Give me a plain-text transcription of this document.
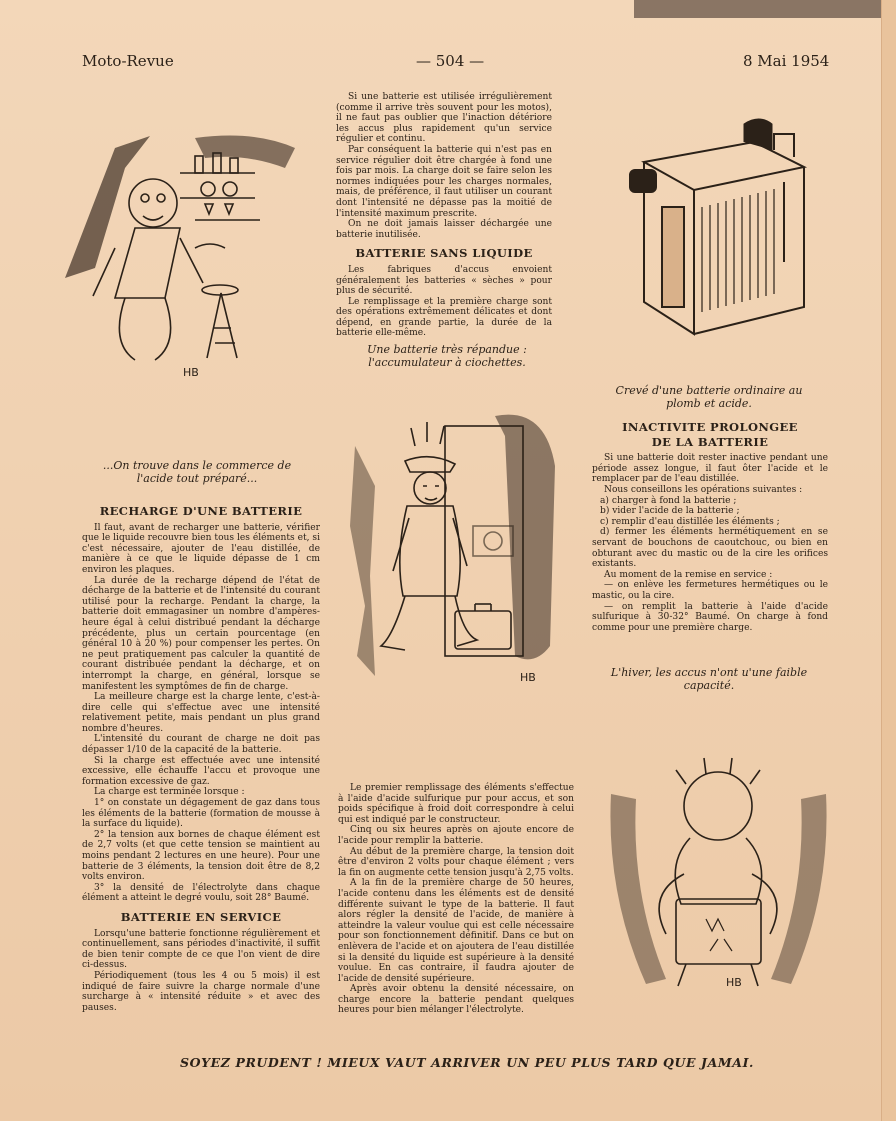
Moto-Revue	— 504 —	8 Mai 1954
HB
...On trouve dans le commerce de l'acide tout préparé...
RECHARGE D'UNE BATTERIE

Il faut, avant de recharger une batterie, vérifier que le liquide recouvre bien tous les éléments et, si c'est nécessaire, ajouter de l'eau distillée, de manière à ce que le liquide dépasse de 1 cm environ les plaques.

La durée de la recharge dépend de l'état de décharge de la batterie et de l'intensité du courant utilisé pour la recharge. Pendant la charge, la batterie doit emmagasiner un nombre d'ampères-heure égal à celui distribué pendant la décharge précédente, plus un certain pourcentage (en général 10 à 20 %) pour compenser les pertes. On ne peut pratiquement pas calculer la quantité de courant distribuée pendant la décharge, et on interrompt la charge, en général, lorsque se manifestent les symptômes de fin de charge.

La meilleure charge est la charge lente, c'est-à-dire celle qui s'effectue avec une intensité relativement petite, mais pendant un plus grand nombre d'heures.

L'intensité du courant de charge ne doit pas dépasser 1/10 de la capacité de la batterie.

Si la charge est effectuée avec une intensité excessive, elle échauffe l'accu et provoque une formation excessive de gaz.

La charge est terminée lorsque :

1° on constate un dégagement de gaz dans tous les éléments de la batterie (formation de mousse à la surface du liquide).

2° la tension aux bornes de chaque élément est de 2,7 volts (et que cette tension se maintient au moins pendant 2 lectures en une heure). Pour une batterie de 3 éléments, la tension doit être de 8,2 volts environ.

3° la densité de l'électrolyte dans chaque élément a atteint le degré voulu, soit 28° Baumé.

BATTERIE EN SERVICE

Lorsqu'une batterie fonctionne régulièrement et continuellement, sans périodes d'inactivité, il suffit de bien tenir compte de ce que l'on vient de dire ci-dessus.

Périodiquement (tous les 4 ou 5 mois) il est indiqué de faire suivre la charge normale d'une surcharge à « intensité réduite » et avec des pauses.

Si une batterie est utilisée irrégulièrement (comme il arrive très souvent pour les motos), il ne faut pas oublier que l'inaction détériore les accus plus rapidement qu'un service régulier et continu.

Par conséquent la batterie qui n'est pas en service régulier doit être chargée à fond une fois par mois. La charge doit se faire selon les normes indiquées pour les charges normales, mais, de préférence, il faut utiliser un courant dont l'intensité ne dépasse pas la moitié de l'intensité maximum prescrite.

On ne doit jamais laisser déchargée une batterie inutilisée.

BATTERIE SANS LIQUIDE

Les fabriques d'accus envoient généralement les batteries « sèches » pour plus de sécurité.

Le remplissage et la première charge sont des opérations extrêmement délicates et dont dépend, en grande partie, la durée de la batterie elle-même.

Une batterie très répandue : l'accumulateur à ciochettes.
HB

Le premier remplissage des éléments s'effectue à l'aide d'acide sulfurique pur pour accus, et son poids spécifique à froid doit correspondre à celui qui est indiqué par le constructeur.

Cinq ou six heures après on ajoute encore de l'acide pour remplir la batterie.

Au début de la première charge, la tension doit être d'environ 2 volts pour chaque élément ; vers la fin on augmente cette tension jusqu'à 2,75 volts.

A la fin de la première charge de 50 heures, l'acide contenu dans les éléments est de densité différente suivant le type de la batterie. Il faut alors régler la densité de l'acide, de manière à atteindre la valeur voulue qui est celle nécessaire pour son fonctionnement définitif. Dans ce but on enlèvera de l'acide et on ajoutera de l'eau distillée si la densité du liquide est supérieure à la densité voulue. En cas contraire, il faudra ajouter de l'acide de densité supérieure.

Après avoir obtenu la densité nécessaire, on charge encore la batterie pendant quelques heures pour bien mélanger l'électrolyte.

Crevé d'une batterie ordinaire au plomb et acide.
INACTIVITE PROLONGEE
DE LA BATTERIE

Si une batterie doit rester inactive pendant une période assez longue, il faut ôter l'acide et le remplacer par de l'eau distillée.

Nous conseillons les opérations suivantes :

a) charger à fond la batterie ;

b) vider l'acide de la batterie ;

c) remplir d'eau distillée les éléments ;

d) fermer les éléments hermétiquement en se servant de bouchons de caoutchouc, ou bien en obturant avec du mastic ou de la cire les orifices existants.

Au moment de la remise en service :

— on enlève les fermetures hermétiques ou le mastic, ou la cire.

— on remplit la batterie à l'aide d'acide sulfurique à 30-32° Baumé. On charge à fond comme pour une première charge.

L'hiver, les accus n'ont u'une faible capacité.
HB
SOYEZ PRUDENT ! MIEUX VAUT ARRIVER UN PEU PLUS TARD QUE JAMAI.
